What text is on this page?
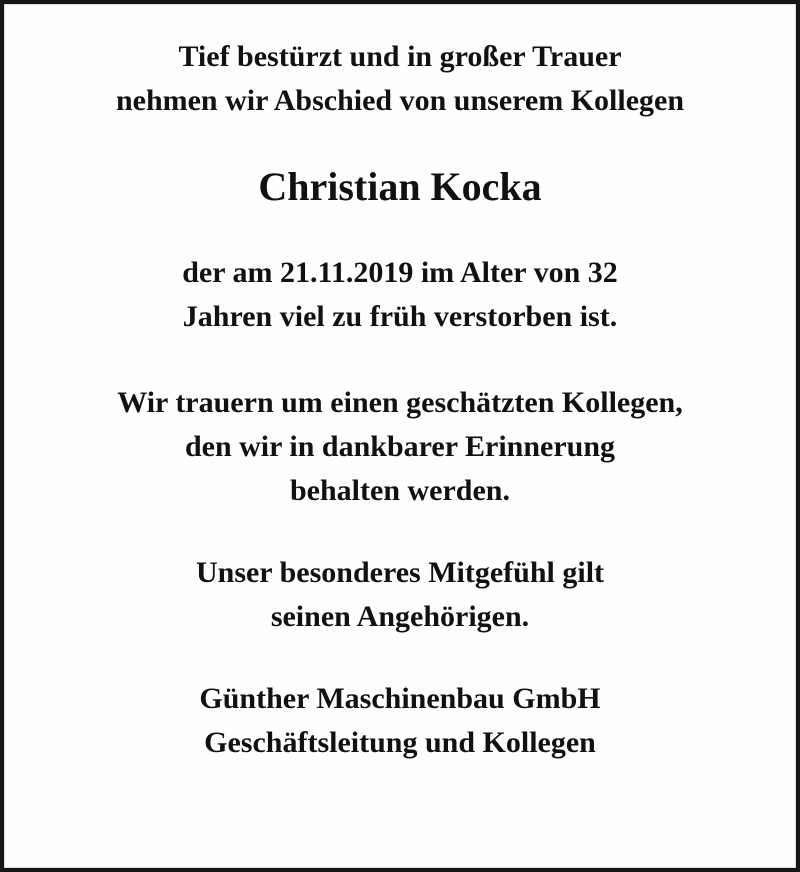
Tief bestürzt und in großer Trauer
nehmen wir Abschied von unserem Kollegen
Christian Kocka
der am 21.11.2019 im Alter von 32
Jahren viel zu früh verstorben ist.
Wir trauern um einen geschätzten Kollegen,
den wir in dankbarer Erinnerung
behalten werden.
Unser besonderes Mitgefühl gilt
seinen Angehörigen.
Günther Maschinenbau GmbH
Geschäftsleitung und Kollegen
